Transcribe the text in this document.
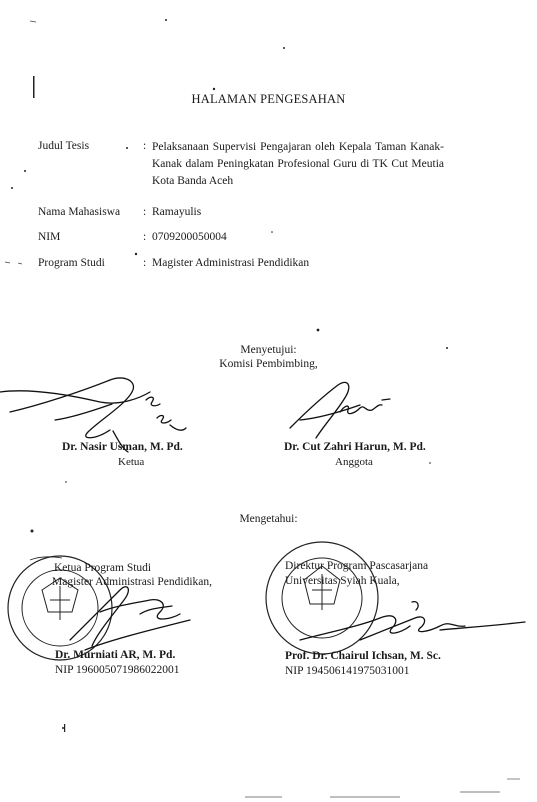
HALAMAN PENGESAHAN
Judul Tesis	: Pelaksanaan Supervisi Pengajaran oleh Kepala Taman Kanak-Kanak dalam Peningkatan Profesional Guru di TK Cut Meutia Kota Banda Aceh
Nama Mahasiswa : Ramayulis
NIM	: 0709200050004
Program Studi	: Magister Administrasi Pendidikan
Menyetujui:
Komisi Pembimbing,
Dr. Nasir Usman, M. Pd.
Ketua
Dr. Cut Zahri Harun, M. Pd.
Anggota
Mengetahui:
Ketua Program Studi
Magister Administrasi Pendidikan,
Dr. Murniati AR, M. Pd.
NIP 196005071986022001
Direktur Program Pascasarjana
Universitas Syiah Kuala,
Prof. Dr. Chairul Ichsan, M. Sc.
NIP 194506141975031001
